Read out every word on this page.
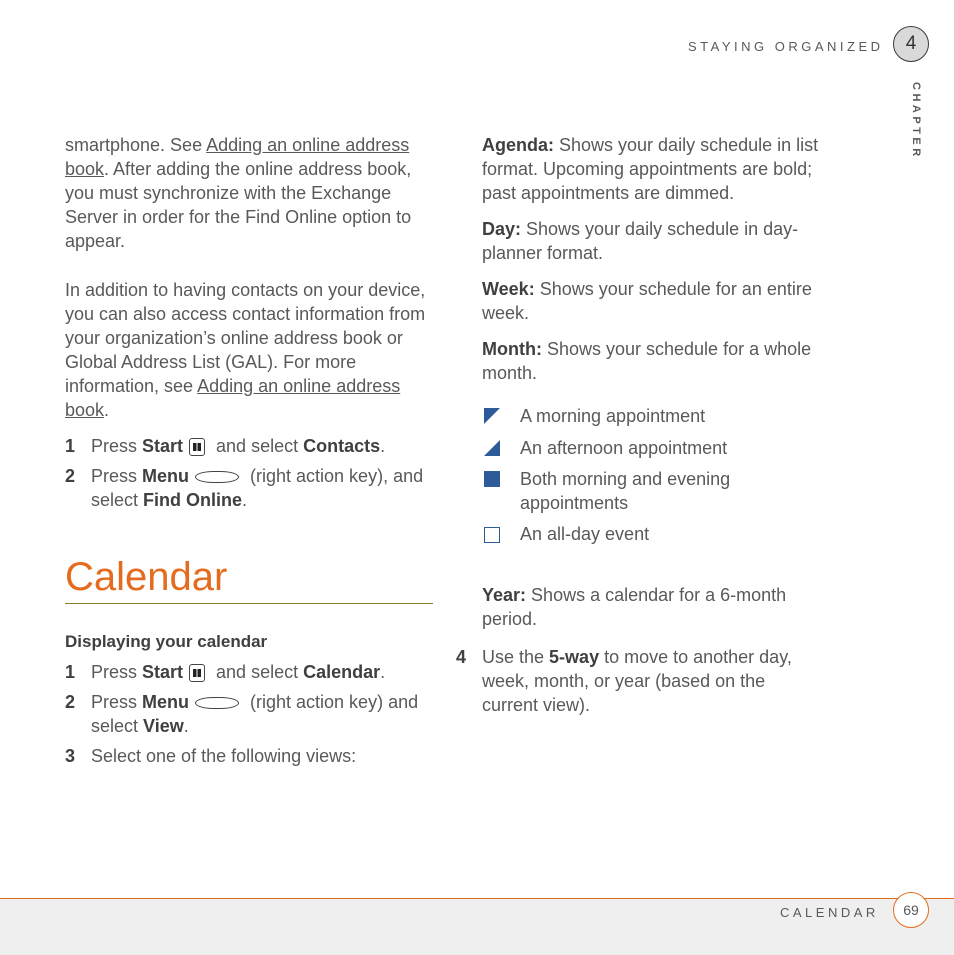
STAYING ORGANIZED 4
CHAPTER

smartphone. See Adding an online address book. After adding the online address book, you must synchronize with the Exchange Server in order for the Find Online option to appear.

In addition to having contacts on your device, you can also access contact information from your organization’s online address book or Global Address List (GAL). For more information, see Adding an online address book.

1 Press Start
and select Contacts.
2 Press Menu	(right action key), and select Find Online.
Calendar
Displaying your calendar
1 Press Start
and select Calendar.
2 Press Menu	(right action key) and select View.
3 Select one of the following views:

Agenda: Shows your daily schedule in list format. Upcoming appointments are bold; past appointments are dimmed.

Day: Shows your daily schedule in day-planner format.

Week: Shows your schedule for an entire week.

Month: Shows your schedule for a whole month.

A morning appointment
An afternoon appointment
Both morning and evening appointments
An all-day event

Year: Shows a calendar for a 6-month period.

4 Use the 5-way to move to another day, week, month, or year (based on the current view).
CALENDAR 69
